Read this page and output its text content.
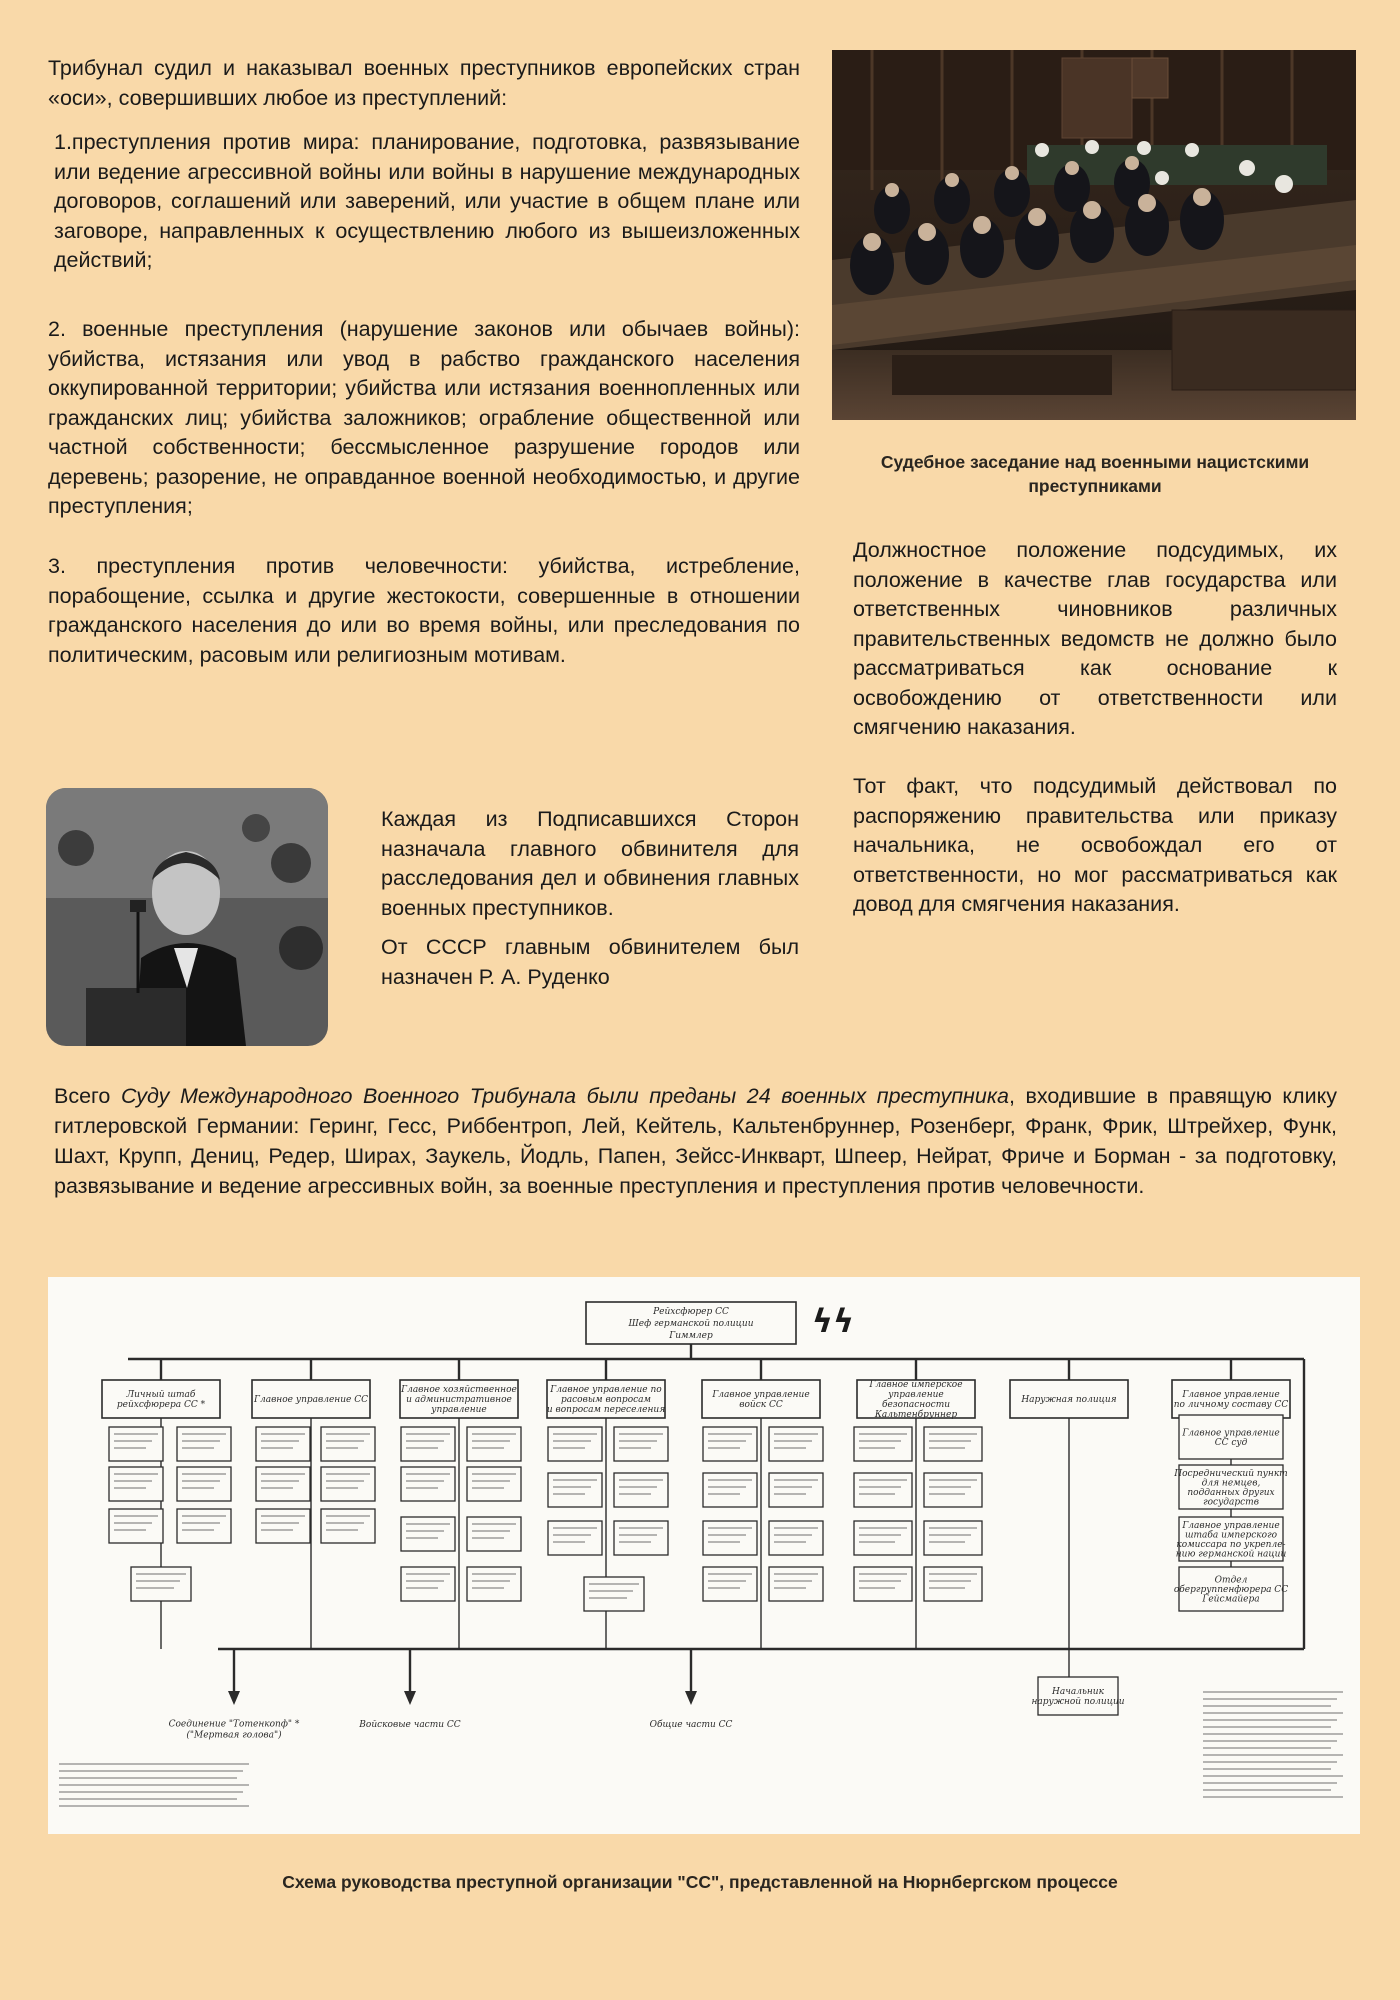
Трибунал судил и наказывал военных преступников европейских стран «оси», совершивших любое из преступлений:

1.преступления против мира: планирование, подготовка, развязывание или ведение агрессивной войны или войны в нарушение международных договоров, соглашений или заверений, или участие в общем плане или заговоре, направленных к осуществлению любого из вышеизложенных действий;

2. военные преступления (нарушение законов или обычаев войны): убийства, истязания или увод в рабство гражданского населения оккупированной территории; убийства или истязания военнопленных или гражданских лиц; убийства заложников; ограбление общественной или частной собственности; бессмысленное разрушение городов или деревень; разорение, не оправданное военной необходимостью, и другие преступления;

3. преступления против человечности: убийства, истребление, порабощение, ссылка и другие жестокости, совершенные в отношении гражданского населения до или во время войны, или преследования по политическим, расовым или религиозным мотивам.

Судебное заседание над военными нацистскими преступниками

Должностное положение подсудимых, их положение в качестве глав государства или ответственных чиновников различных правительственных ведомств не должно было рассматриваться как основание к освобождению от ответственности или смягчению наказания.

Тот факт, что подсудимый действовал по распоряжению правительства или приказу начальника, не освобождал его от ответственности, но мог рассматриваться как довод для смягчения наказания.

Каждая из Подписавшихся Сторон назначала главного обвинителя для расследования дел и обвинения главных военных преступников.

От СССР главным обвинителем был назначен Р. А. Руденко

Всего Суду Международного Военного Трибунала были преданы 24 военных преступника, входившие в правящую клику гитлеровской Германии: Геринг, Гесс, Риббентроп, Лей, Кейтель, Кальтенбруннер, Розенберг, Франк, Фрик, Штрейхер, Функ, Шахт, Крупп, Дениц, Редер, Ширах, Заукель, Йодль, Папен, Зейсс-Инкварт, Шпеер, Нейрат, Фриче и Борман - за подготовку, развязывание и ведение агрессивных войн, за военные преступления и преступления против человечности.

Рейхсфюрер СС
Шеф германской полиции
Гиммлер	ϟϟ
Личный штаб
рейхсфюрера СС *	Главное управление СС
Главное хозяйственное
и административное
управление
Главное управление по
расовым вопросам
и вопросам переселения
Главное управление
войск СС
Главное имперское
управление
безопасности
Кальтенбруннер
Наружная полиция	Главное управление
по личному составу СС
Главное управление
СС суд
Посреднический пункт
для немцев,
подданных других
государств
Главное управление
штаба имперского
комиссара по укрепле-
нию германской нации
Отдел
обергруппенфюрера СС
Гейсмайера
Соединение "Тотенкопф" *
("Мертвая голова")
Войсковые части СС	Общие части СС
Начальник
наружной полиции
Схема руководства преступной организации "СС", представленной на Нюрнбергском процессе
